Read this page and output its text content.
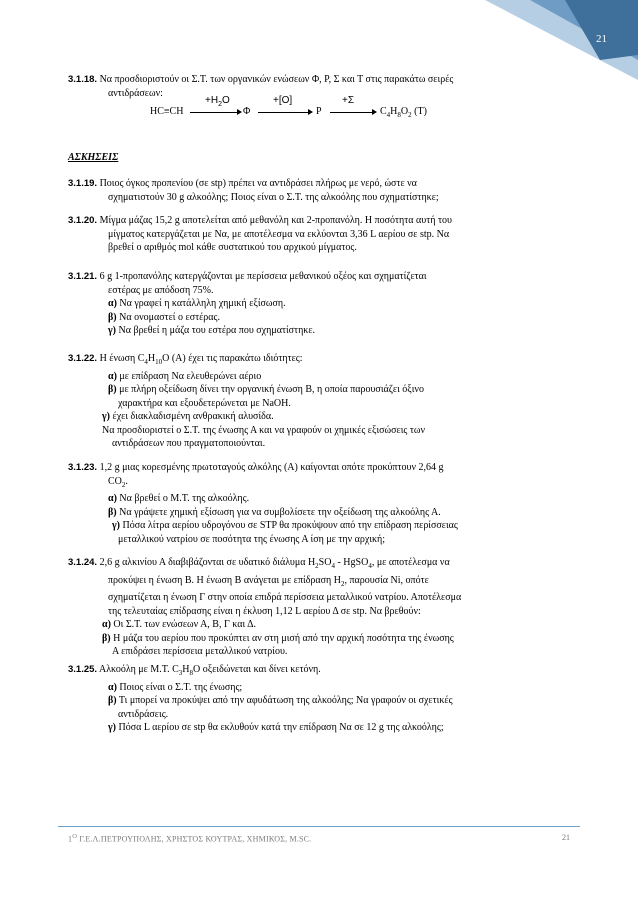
21
3.1.18. Να προσδιοριστούν οι Σ.Τ. των οργανικών ενώσεων Φ, Ρ, Σ και Τ στις παρακάτω σειρές
αντιδράσεων:
HC≡CH
$+H_2O$
Φ
+[O]
Ρ
+Σ
$C_4H_8O_2$ (Τ)
ΑΣΚΗΣΕΙΣ
3.1.19. Ποιος όγκος προπενίου (σε stp) πρέπει να αντιδράσει πλήρως με νερό, ώστε να
σχηματιστούν 30 g αλκοόλης; Ποιος είναι ο Σ.Τ. της αλκοόλης που σχηματίστηκε;
3.1.20. Μίγμα μάζας 15,2 g αποτελείται από μεθανόλη και 2-προπανόλη. Η ποσότητα αυτή του
μίγματος κατεργάζεται με Να, με αποτέλεσμα να εκλύονται 3,36 L αερίου σε stp. Να
βρεθεί ο αριθμός mol κάθε συστατικού του αρχικού μίγματος.
3.1.21. 6 g 1-προπανόλης κατεργάζονται με περίσσεια μεθανικού οξέος και σχηματίζεται
εστέρας με απόδοση 75%.
α) Να γραφεί η κατάλληλη χημική εξίσωση.
β) Να ονομαστεί ο εστέρας.
γ) Να βρεθεί η μάζα του εστέρα που σχηματίστηκε.
3.1.22. Η ένωση $C_4H_{10}O$ (Α) έχει τις παρακάτω ιδιότητες:
α) με επίδραση Να ελευθερώνει αέριο
β) με πλήρη οξείδωση δίνει την οργανική ένωση Β, η οποία παρουσιάζει όξινο
χαρακτήρα και εξουδετερώνεται με NaOH.
γ) έχει διακλαδισμένη ανθρακική αλυσίδα.
Να προσδιοριστεί ο Σ.Τ. της ένωσης Α και να γραφούν οι χημικές εξισώσεις των
αντιδράσεων που πραγματοποιούνται.
3.1.23. 1,2 g μιας κορεσμένης πρωτοταγούς αλκόλης (Α) καίγονται οπότε προκύπτουν 2,64 g
$CO_2$.
α) Να βρεθεί ο Μ.Τ. της αλκοόλης.
β) Να γράψετε χημική εξίσωση για να συμβολίσετε την οξείδωση της αλκοόλης Α.
γ) Πόσα λίτρα αερίου υδρογόνου σε STP θα προκύψουν από την επίδραση περίσσειας
μεταλλικού νατρίου σε ποσότητα της ένωσης Α ίση με την αρχική;
3.1.24. 2,6 g αλκινίου Α διαβιβάζονται σε υδατικό διάλυμα $H_2SO_4$ - HgSO$_4$, με αποτέλεσμα να
προκύψει η ένωση Β. Η ένωση Β ανάγεται με επίδραση $H_2$, παρουσία Ni, οπότε
σχηματίζεται η ένωση Γ στην οποία επιδρά περίσσεια μεταλλικού νατρίου. Αποτέλεσμα
της τελευταίας επίδρασης είναι η έκλυση 1,12 L αερίου Δ σε stp. Να βρεθούν:
α) Οι Σ.Τ. των ενώσεων Α, Β, Γ και Δ.
β) Η μάζα του αερίου που προκύπτει αν στη μισή από την αρχική ποσότητα της ένωσης
Α επιδράσει περίσσεια μεταλλικού νατρίου.
3.1.25. Αλκοόλη με Μ.Τ. $C_3H_8O$ οξειδώνεται και δίνει κετόνη.
α) Ποιος είναι ο Σ.Τ. της ένωσης;
β) Τι μπορεί να προκύψει από την αφυδάτωση της αλκοόλης; Να γραφούν οι σχετικές
αντιδράσεις.
γ) Πόσα L αερίου σε stp θα εκλυθούν κατά την επίδραση Να σε 12 g της αλκοόλης;
$1^O$ Γ.Ε.Λ.ΠΕΤΡΟΥΠΟΛΗΣ, ΧΡΗΣΤΟΣ ΚΟΥΤΡΑΣ, ΧΗΜΙΚΟΣ, M.SC.	21
